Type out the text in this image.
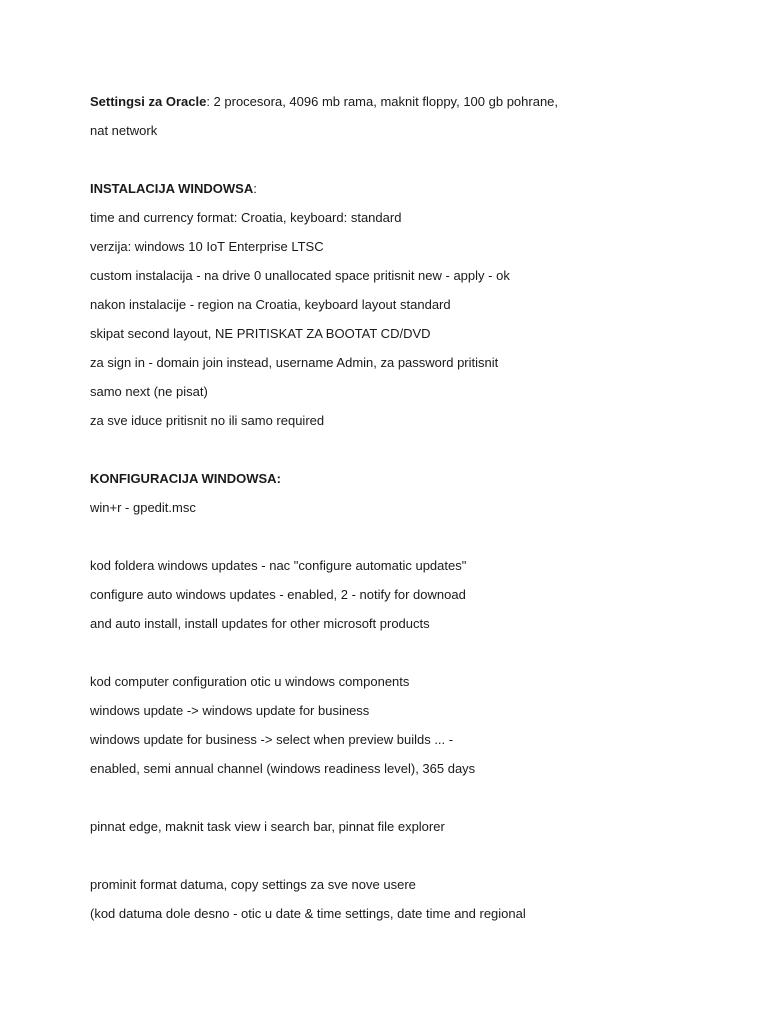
Settingsi za Oracle: 2 procesora, 4096 mb rama, maknit floppy, 100 gb pohrane,
nat network
INSTALACIJA WINDOWSA:
time and currency format: Croatia, keyboard: standard
verzija: windows 10 IoT Enterprise LTSC
custom instalacija - na drive 0 unallocated space pritisnit new - apply - ok
nakon instalacije - region na Croatia, keyboard layout standard
skipat second layout, NE PRITISKAT ZA BOOTAT CD/DVD
za sign in - domain join instead, username Admin, za password pritisnit
samo next (ne pisat)
za sve iduce pritisnit no ili samo required
KONFIGURACIJA WINDOWSA:
win+r - gpedit.msc
kod foldera windows updates - nac "configure automatic updates"
configure auto windows updates - enabled, 2 - notify for downoad
and auto install, install updates for other microsoft products
kod computer configuration otic u windows components
windows update -> windows update for business
windows update for business -> select when preview builds ... -
enabled, semi annual channel (windows readiness level), 365 days
pinnat edge, maknit task view i search bar, pinnat file explorer
prominit format datuma, copy settings za sve nove usere
(kod datuma dole desno - otic u date & time settings, date time and regional
